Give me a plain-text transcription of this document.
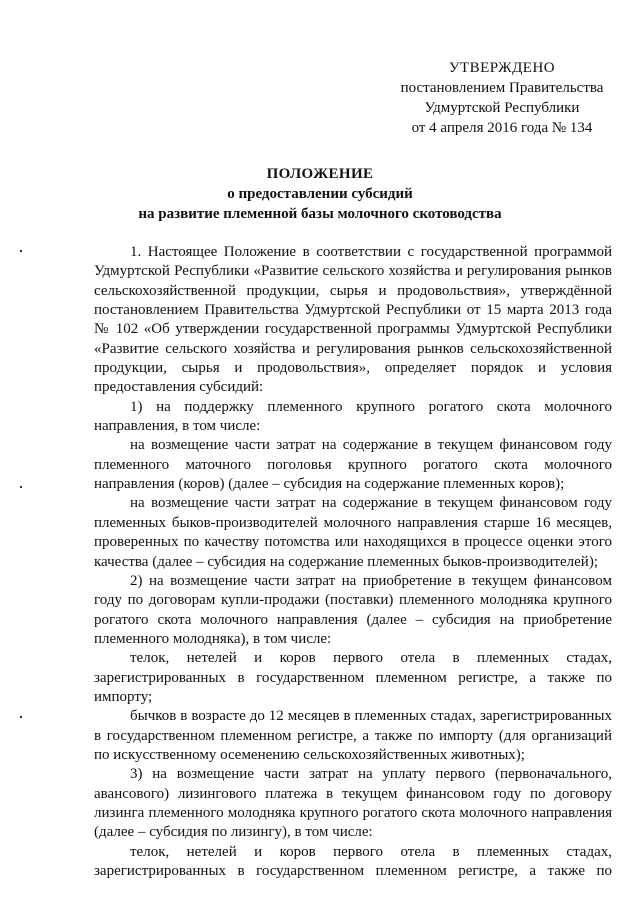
УТВЕРЖДЕНО
постановлением Правительства
Удмуртской Республики
от 4 апреля 2016 года № 134
ПОЛОЖЕНИЕ
о предоставлении субсидий
на развитие племенной базы молочного скотоводства

1. Настоящее Положение в соответствии с государственной программой Удмуртской Республики «Развитие сельского хозяйства и регулирования рынков сельскохозяйственной продукции, сырья и продовольствия», утверждённой постановлением Правительства Удмуртской Республики от 15 марта 2013 года № 102 «Об утверждении государственной программы Удмуртской Республики «Развитие сельского хозяйства и регулирования рынков сельскохозяйственной продукции, сырья и продовольствия», определяет порядок и условия предоставления субсидий:

1) на поддержку племенного крупного рогатого скота молочного направления, в том числе:

на возмещение части затрат на содержание в текущем финансовом году племенного маточного поголовья крупного рогатого скота молочного направления (коров) (далее – субсидия на содержание племенных коров);

на возмещение части затрат на содержание в текущем финансовом году племенных быков-производителей молочного направления старше 16 месяцев, проверенных по качеству потомства или находящихся в процессе оценки этого качества (далее – субсидия на содержание племенных быков-производителей);

2) на возмещение части затрат на приобретение в текущем финансовом году по договорам купли-продажи (поставки) племенного молодняка крупного рогатого скота молочного направления (далее – субсидия на приобретение племенного молодняка), в том числе:

телок, нетелей и коров первого отела в племенных стадах, зарегистрированных в государственном племенном регистре, а также по импорту;

бычков в возрасте до 12 месяцев в племенных стадах, зарегистрированных в государственном племенном регистре, а также по импорту (для организаций по искусственному осеменению сельскохозяйственных животных);

3) на возмещение части затрат на уплату первого (первоначального, авансового) лизингового платежа в текущем финансовом году по договору лизинга племенного молодняка крупного рогатого скота молочного направления (далее – субсидия по лизингу), в том числе:

телок, нетелей и коров первого отела в племенных стадах, зарегистрированных в государственном племенном регистре, а также по
